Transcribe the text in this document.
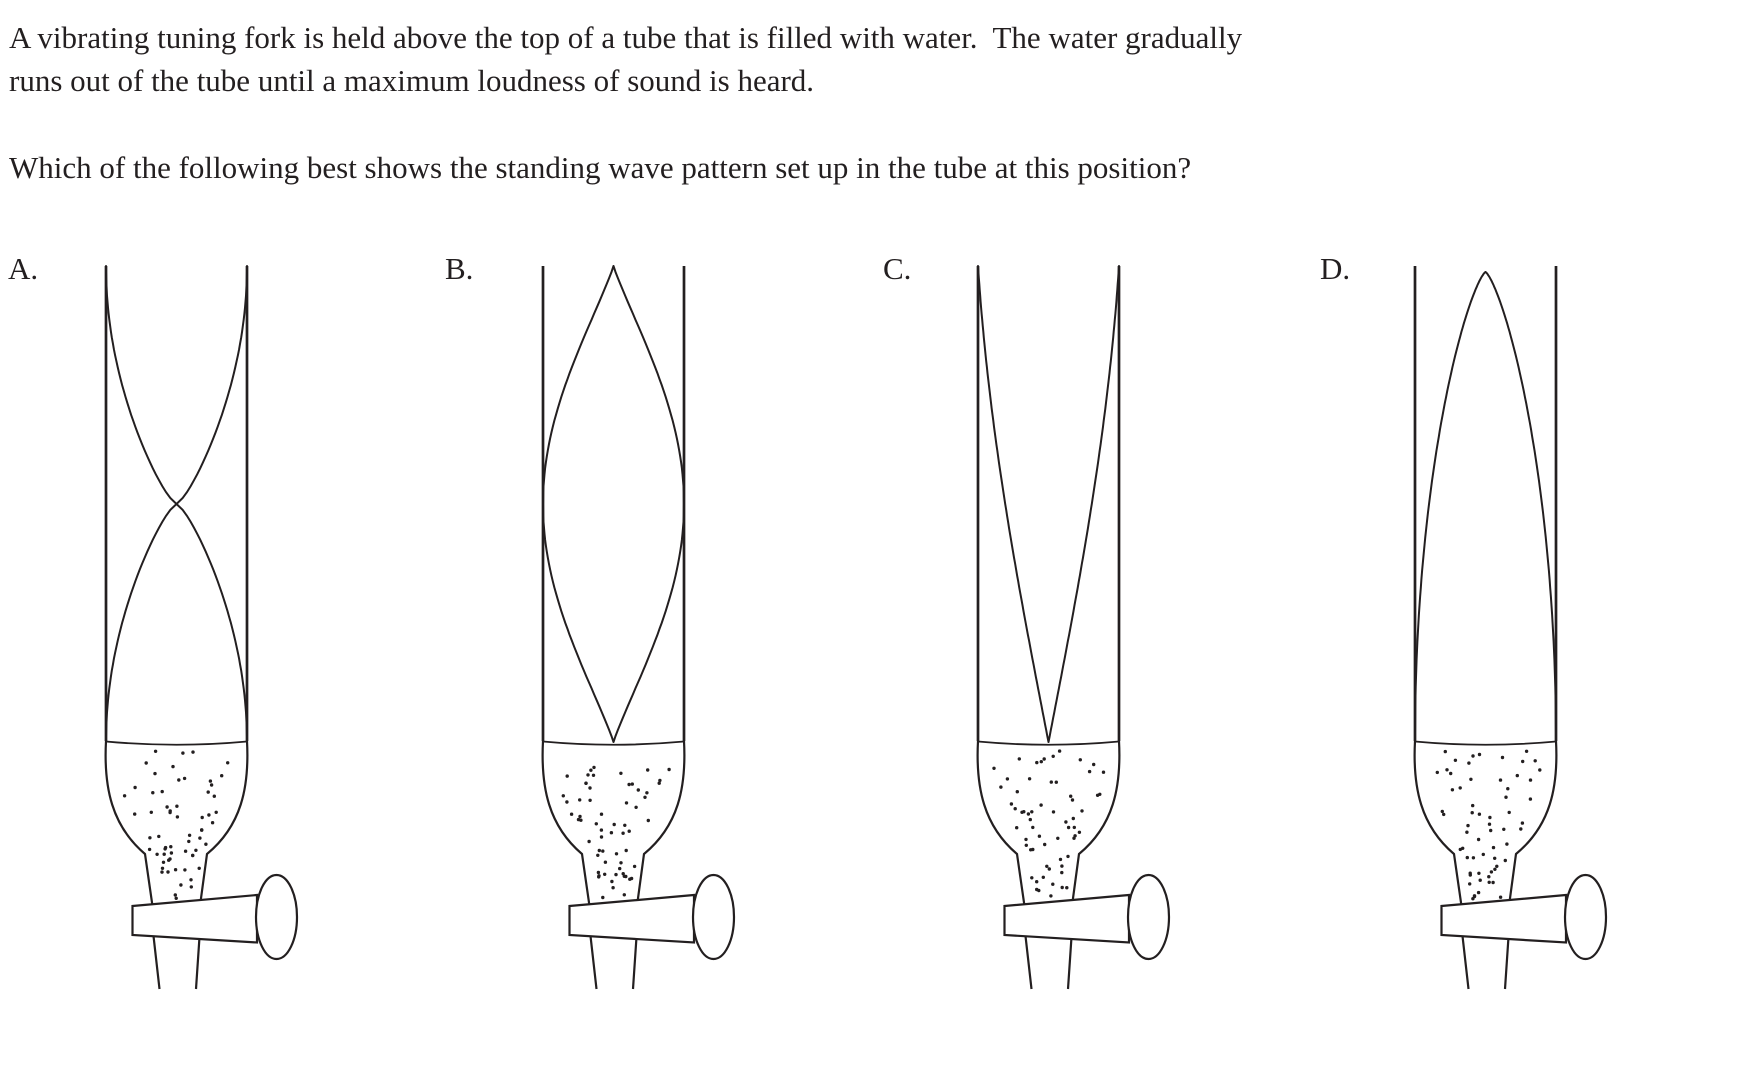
A vibrating tuning fork is held above the top of a tube that is filled with water.  The water gradually
runs out of the tube until a maximum loudness of sound is heard.
Which of the following best shows the standing wave pattern set up in the tube at this position?
A.	B.	C.	D.
